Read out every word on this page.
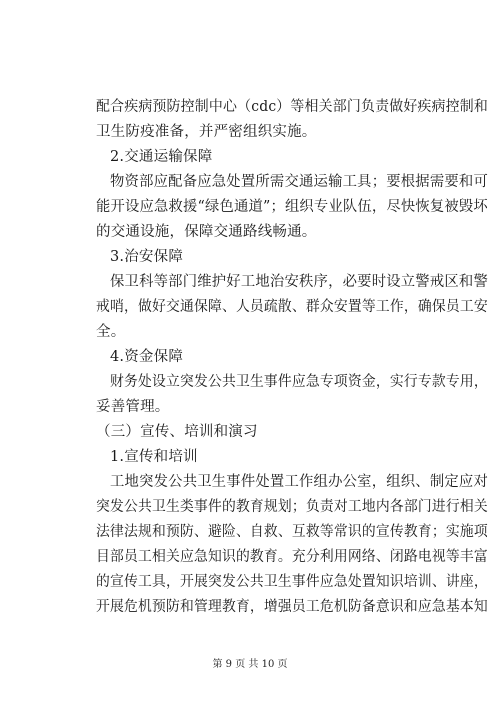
配合疾病预防控制中心（cdc）等相关部门负责做好疾病控制和
卫生防疫准备，并严密组织实施。
2.交通运输保障
物资部应配备应急处置所需交通运输工具；要根据需要和可
能开设应急救援“绿色通道”；组织专业队伍，尽快恢复被毁坏
的交通设施，保障交通路线畅通。
3.治安保障
保卫科等部门维护好工地治安秩序，必要时设立警戒区和警
戒哨，做好交通保障、人员疏散、群众安置等工作，确保员工安
全。
4.资金保障
财务处设立突发公共卫生事件应急专项资金，实行专款专用，
妥善管理。
（三）宣传、培训和演习
1.宣传和培训
工地突发公共卫生事件处置工作组办公室，组织、制定应对
突发公共卫生类事件的教育规划；负责对工地内各部门进行相关
法律法规和预防、避险、自救、互救等常识的宣传教育；实施项
目部员工相关应急知识的教育。充分利用网络、闭路电视等丰富
的宣传工具，开展突发公共卫生事件应急处置知识培训、讲座，
开展危机预防和管理教育，增强员工危机防备意识和应急基本知
第 9 页 共 10 页
